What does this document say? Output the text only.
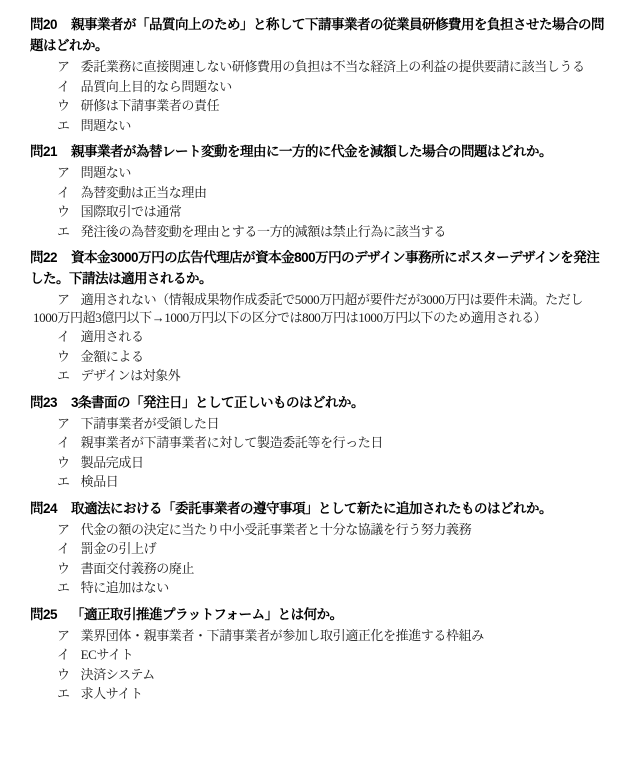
問20 親事業者が「品質向上のため」と称して下請事業者の従業員研修費用を負担させた場合の問題はどれか。

ア 委託業務に直接関連しない研修費用の負担は不当な経済上の利益の提供要請に該当しうる

イ 品質向上目的なら問題ない

ウ 研修は下請事業者の責任

エ 問題ない

問21 親事業者が為替レート変動を理由に一方的に代金を減額した場合の問題はどれか。

ア 問題ない

イ 為替変動は正当な理由

ウ 国際取引では通常

エ 発注後の為替変動を理由とする一方的減額は禁止行為に該当する

問22 資本金3000万円の広告代理店が資本金800万円のデザイン事務所にポスターデザインを発注した。下請法は適用されるか。

ア 適用されない（情報成果物作成委託で5000万円超が要件だが3000万円は要件未満。ただし1000万円超3億円以下→1000万円以下の区分では800万円は1000万円以下のため適用される）

イ 適用される

ウ 金額による

エ デザインは対象外

問23 3条書面の「発注日」として正しいものはどれか。

ア 下請事業者が受領した日

イ 親事業者が下請事業者に対して製造委託等を行った日

ウ 製品完成日

エ 検品日

問24 取適法における「委託事業者の遵守事項」として新たに追加されたものはどれか。

ア 代金の額の決定に当たり中小受託事業者と十分な協議を行う努力義務

イ 罰金の引上げ

ウ 書面交付義務の廃止

エ 特に追加はない

問25 「適正取引推進プラットフォーム」とは何か。

ア 業界団体・親事業者・下請事業者が参加し取引適正化を推進する枠組み

イ ECサイト

ウ 決済システム

エ 求人サイト
